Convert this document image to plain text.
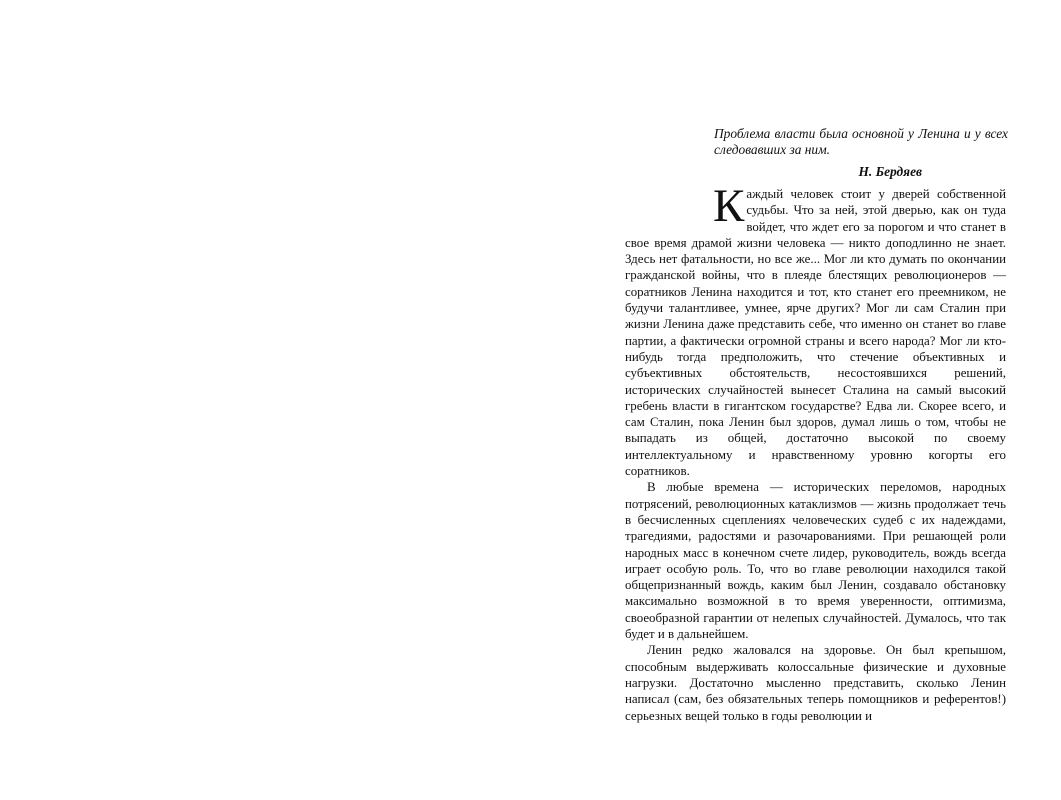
Проблема власти была основной у Ленина и у всех следовавших за ним.
Н. Бердяев

Каждый человек стоит у дверей собственной судьбы. Что за ней, этой дверью, как он туда войдет, что ждет его за порогом и что станет в свое время драмой жизни человека — никто доподлинно не знает. Здесь нет фатальности, но все же... Мог ли кто думать по окончании гражданской войны, что в плеяде блестящих революционеров — соратников Ленина находится и тот, кто станет его преемником, не будучи талантливее, умнее, ярче других? Мог ли сам Сталин при жизни Ленина даже представить себе, что именно он станет во главе партии, а фактически огромной страны и всего народа? Мог ли кто-нибудь тогда предположить, что стечение объективных и субъективных обстоятельств, несостоявшихся решений, исторических случайностей вынесет Сталина на самый высокий гребень власти в гигантском государстве? Едва ли. Скорее всего, и сам Сталин, пока Ленин был здоров, думал лишь о том, чтобы не выпадать из общей, достаточно высокой по своему интеллектуальному и нравственному уровню когорты его соратников.

В любые времена — исторических переломов, народных потрясений, революционных катаклизмов — жизнь продолжает течь в бесчисленных сцеплениях человеческих судеб с их надеждами, трагедиями, радостями и разочарованиями. При решающей роли народных масс в конечном счете лидер, руководитель, вождь всегда играет особую роль. То, что во главе революции находился такой общепризнанный вождь, каким был Ленин, создавало обстановку максимально возможной в то время уверенности, оптимизма, своеобразной гарантии от нелепых случайностей. Думалось, что так будет и в дальнейшем.

Ленин редко жаловался на здоровье. Он был крепышом, способным выдерживать колоссальные физические и духовные нагрузки. Достаточно мысленно представить, сколько Ленин написал (сам, без обязательных теперь помощников и референтов!) серьезных вещей только в годы революции и
